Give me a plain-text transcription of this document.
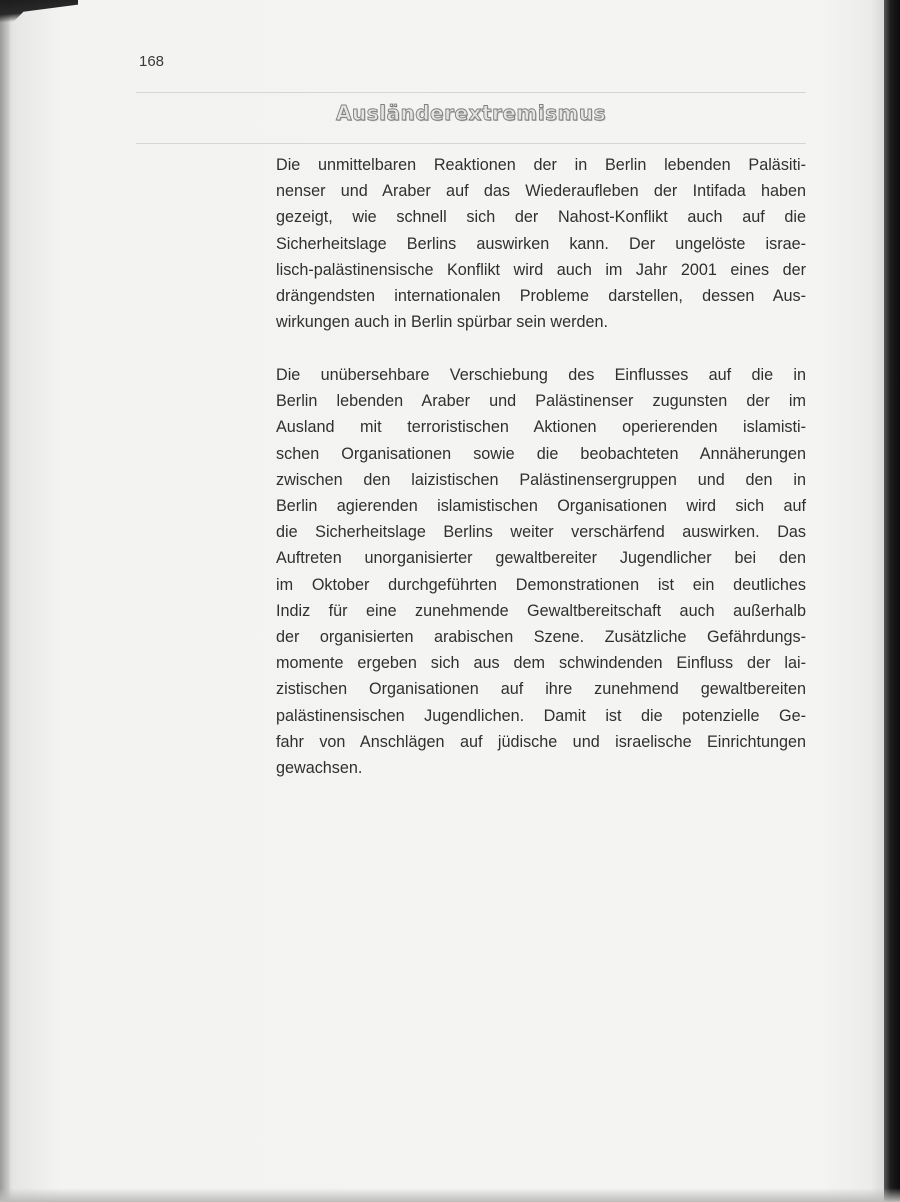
168
Ausländerextremismus

Die unmittelbaren Reaktionen der in Berlin lebenden Paläsiti-
nenser und Araber auf das Wiederaufleben der Intifada haben
gezeigt, wie schnell sich der Nahost-Konflikt auch auf die
Sicherheitslage Berlins auswirken kann. Der ungelöste israe-
lisch-palästinensische Konflikt wird auch im Jahr 2001 eines der
drängendsten internationalen Probleme darstellen, dessen Aus-
wirkungen auch in Berlin spürbar sein werden.

Die unübersehbare Verschiebung des Einflusses auf die in
Berlin lebenden Araber und Palästinenser zugunsten der im
Ausland mit terroristischen Aktionen operierenden islamisti-
schen Organisationen sowie die beobachteten Annäherungen
zwischen den laizistischen Palästinensergruppen und den in
Berlin agierenden islamistischen Organisationen wird sich auf
die Sicherheitslage Berlins weiter verschärfend auswirken. Das
Auftreten unorganisierter gewaltbereiter Jugendlicher bei den
im Oktober durchgeführten Demonstrationen ist ein deutliches
Indiz für eine zunehmende Gewaltbereitschaft auch außerhalb
der organisierten arabischen Szene. Zusätzliche Gefährdungs-
momente ergeben sich aus dem schwindenden Einfluss der lai-
zistischen Organisationen auf ihre zunehmend gewaltbereiten
palästinensischen Jugendlichen. Damit ist die potenzielle Ge-
fahr von Anschlägen auf jüdische und israelische Einrichtungen
gewachsen.
